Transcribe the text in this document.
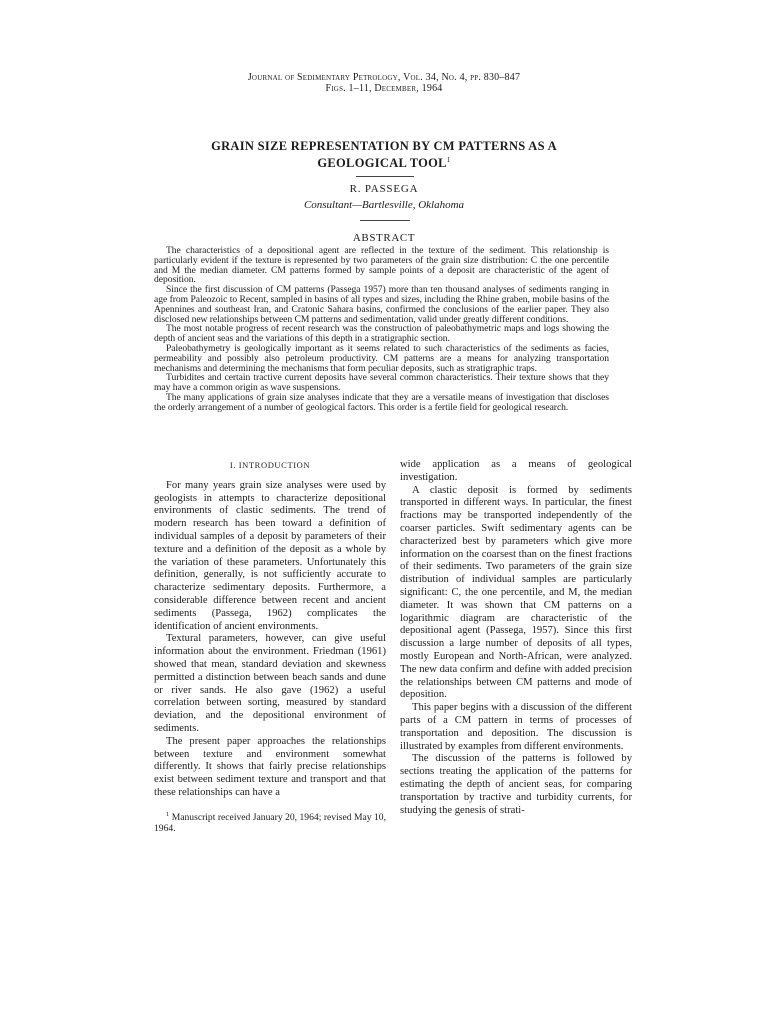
Journal of Sedimentary Petrology, Vol. 34, No. 4, pp. 830–847
Figs. 1–11, December, 1964
GRAIN SIZE REPRESENTATION BY CM PATTERNS AS A
GEOLOGICAL TOOL$^1$
R. PASSEGA
Consultant—Bartlesville, Oklahoma
ABSTRACT

The characteristics of a depositional agent are reflected in the texture of the sediment. This relationship is particularly evident if the texture is represented by two parameters of the grain size distribution: C the one percentile and M the median diameter. CM patterns formed by sample points of a deposit are characteristic of the agent of deposition.

Since the first discussion of CM patterns (Passega 1957) more than ten thousand analyses of sediments ranging in age from Paleozoic to Recent, sampled in basins of all types and sizes, including the Rhine graben, mobile basins of the Apennines and southeast Iran, and Cratonic Sahara basins, confirmed the conclusions of the earlier paper. They also disclosed new relationships between CM patterns and sedimentation, valid under greatly different conditions.

The most notable progress of recent research was the construction of paleobathymetric maps and logs showing the depth of ancient seas and the variations of this depth in a stratigraphic section.

Paleobathymetry is geologically important as it seems related to such characteristics of the sediments as facies, permeability and possibly also petroleum productivity. CM patterns are a means for analyzing transportation mechanisms and determining the mechanisms that form peculiar deposits, such as stratigraphic traps.

Turbidites and certain tractive current deposits have several common characteristics. Their texture shows that they may have a common origin as wave suspensions.

The many applications of grain size analyses indicate that they are a versatile means of investigation that discloses the orderly arrangement of a number of geological factors. This order is a fertile field for geological research.

I. INTRODUCTION

For many years grain size analyses were used by geologists in attempts to characterize depositional environments of clastic sediments. The trend of modern research has been toward a definition of individual samples of a deposit by parameters of their texture and a definition of the deposit as a whole by the variation of these parameters. Unfortunately this definition, generally, is not sufficiently accurate to characterize sedimentary deposits. Furthermore, a considerable difference between recent and ancient sediments (Passega, 1962) complicates the identification of ancient environments.

Textural parameters, however, can give useful information about the environment. Friedman (1961) showed that mean, standard deviation and skewness permitted a distinction between beach sands and dune or river sands. He also gave (1962) a useful correlation between sorting, measured by standard deviation, and the depositional environment of sediments.

The present paper approaches the relationships between texture and environment somewhat differently. It shows that fairly precise relationships exist between sediment texture and transport and that these relationships can have a

$^1$ Manuscript received January 20, 1964; revised May 10, 1964.

wide application as a means of geological investigation.

A clastic deposit is formed by sediments transported in different ways. In particular, the finest fractions may be transported independently of the coarser particles. Swift sedimentary agents can be characterized best by parameters which give more information on the coarsest than on the finest fractions of their sediments. Two parameters of the grain size distribution of individual samples are particularly significant: C, the one percentile, and M, the median diameter. It was shown that CM patterns on a logarithmic diagram are characteristic of the depositional agent (Passega, 1957). Since this first discussion a large number of deposits of all types, mostly European and North-African, were analyzed. The new data confirm and define with added precision the relationships between CM patterns and mode of deposition.

This paper begins with a discussion of the different parts of a CM pattern in terms of processes of transportation and deposition. The discussion is illustrated by examples from different environments.

The discussion of the patterns is followed by sections treating the application of the patterns for estimating the depth of ancient seas, for comparing transportation by tractive and turbidity currents, for studying the genesis of strati-
